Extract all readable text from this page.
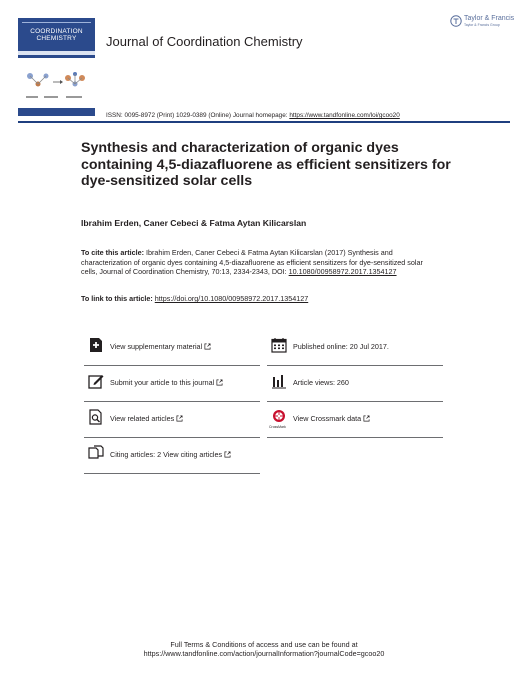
COORDINATION
CHEMISTRY	Journal of Coordination Chemistry
Taylor & Francis
Taylor & Francis Group
ISSN: 0095-8972 (Print) 1029-0389 (Online) Journal homepage: https://www.tandfonline.com/loi/gcoo20
Synthesis and characterization of organic dyes containing 4,5-diazafluorene as efficient sensitizers for dye-sensitized solar cells
Ibrahim Erden, Caner Cebeci & Fatma Aytan Kilicarslan
To cite this article: Ibrahim Erden, Caner Cebeci & Fatma Aytan Kilicarslan (2017) Synthesis and characterization of organic dyes containing 4,5-diazafluorene as efficient sensitizers for dye-sensitized solar cells, Journal of Coordination Chemistry, 70:13, 2334-2343, DOI: 10.1080/00958972.2017.1354127
To link to this article: https://doi.org/10.1080/00958972.2017.1354127
View supplementary material
Submit your article to this journal
View related articles
Citing articles: 2 View citing articles
Published online: 20 Jul 2017.
Article views: 260
CrossMark
View Crossmark data
Full Terms & Conditions of access and use can be found at
https://www.tandfonline.com/action/journalInformation?journalCode=gcoo20
